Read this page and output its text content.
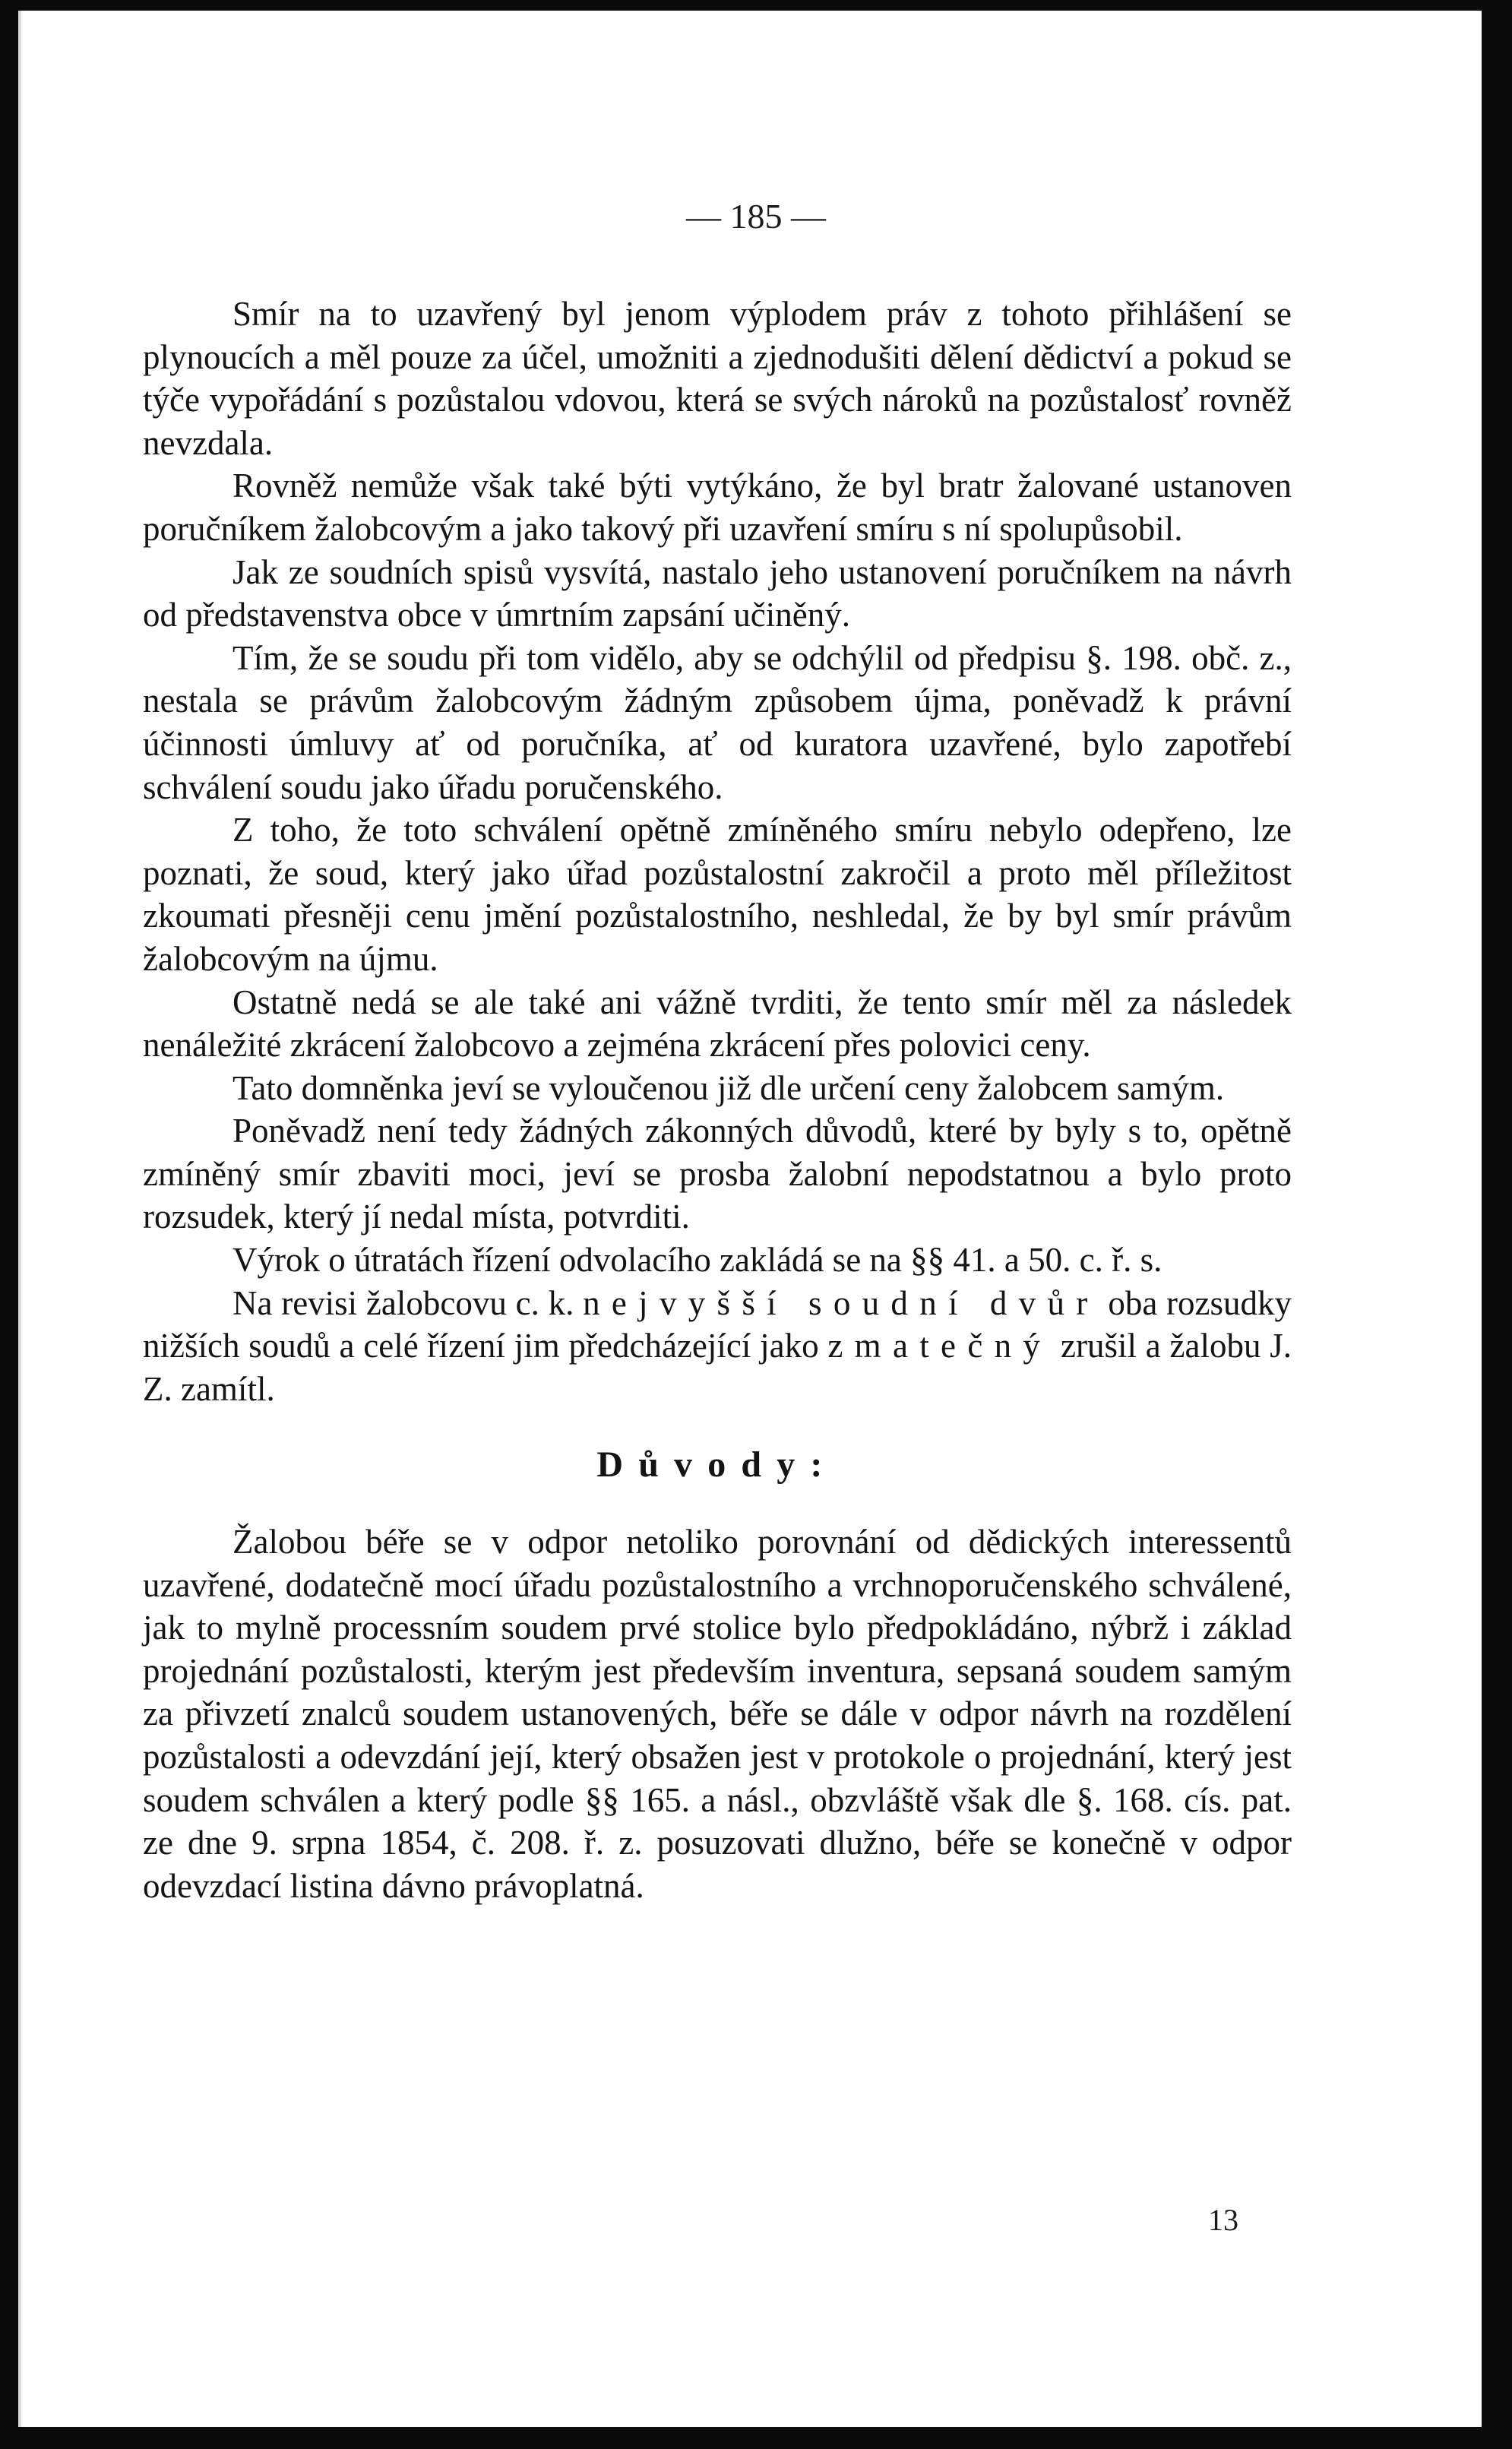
— 185 —

Smír na to uzavřený byl jenom výplodem práv z tohoto přihlášení se plynoucích a měl pouze za účel, umožniti a zjednodušiti dělení dědictví a pokud se týče vypořádání s pozůstalou vdovou, která se svých nároků na pozůstalosť rovněž nevzdala.

Rovněž nemůže však také býti vytýkáno, že byl bratr žalované ustanoven poručníkem žalobcovým a jako takový při uzavření smíru s ní spolupůsobil.

Jak ze soudních spisů vysvítá, nastalo jeho ustanovení poručníkem na návrh od představenstva obce v úmrtním zapsání učiněný.

Tím, že se soudu při tom vidělo, aby se odchýlil od předpisu §. 198. obč. z., nestala se právům žalobcovým žádným způsobem újma, poněvadž k právní účinnosti úmluvy ať od poručníka, ať od kuratora uzavřené, bylo zapotřebí schválení soudu jako úřadu poručenského.

Z toho, že toto schválení opětně zmíněného smíru nebylo odepřeno, lze poznati, že soud, který jako úřad pozůstalostní zakročil a proto měl příležitost zkoumati přesněji cenu jmění pozůstalostního, neshledal, že by byl smír právům žalobcovým na újmu.

Ostatně nedá se ale také ani vážně tvrditi, že tento smír měl za následek nenáležité zkrácení žalobcovo a zejména zkrácení přes polovici ceny.

Tato domněnka jeví se vyloučenou již dle určení ceny žalobcem samým.

Poněvadž není tedy žádných zákonných důvodů, které by byly s to, opětně zmíněný smír zbaviti moci, jeví se prosba žalobní nepodstatnou a bylo proto rozsudek, který jí nedal místa, potvrditi.

Výrok o útratách řízení odvolacího zakládá se na §§ 41. a 50. c. ř. s.

Na revisi žalobcovu c. k. nejvyšší soudní dvůr oba rozsudky nižších soudů a celé řízení jim předcházející jako zmatečný zrušil a žalobu J. Z. zamítl.

Důvody:

Žalobou béře se v odpor netoliko porovnání od dědických interessentů uzavřené, dodatečně mocí úřadu pozůstalostního a vrchnoporučenského schválené, jak to mylně processním soudem prvé stolice bylo předpokládáno, nýbrž i základ projednání pozůstalosti, kterým jest především inventura, sepsaná soudem samým za přivzetí znalců soudem ustanovených, béře se dále v odpor návrh na rozdělení pozůstalosti a odevzdání její, který obsažen jest v protokole o projednání, který jest soudem schválen a který podle §§ 165. a násl., obzvláště však dle §. 168. cís. pat. ze dne 9. srpna 1854, č. 208. ř. z. posuzovati dlužno, béře se konečně v odpor odevzdací listina dávno právoplatná.

13
